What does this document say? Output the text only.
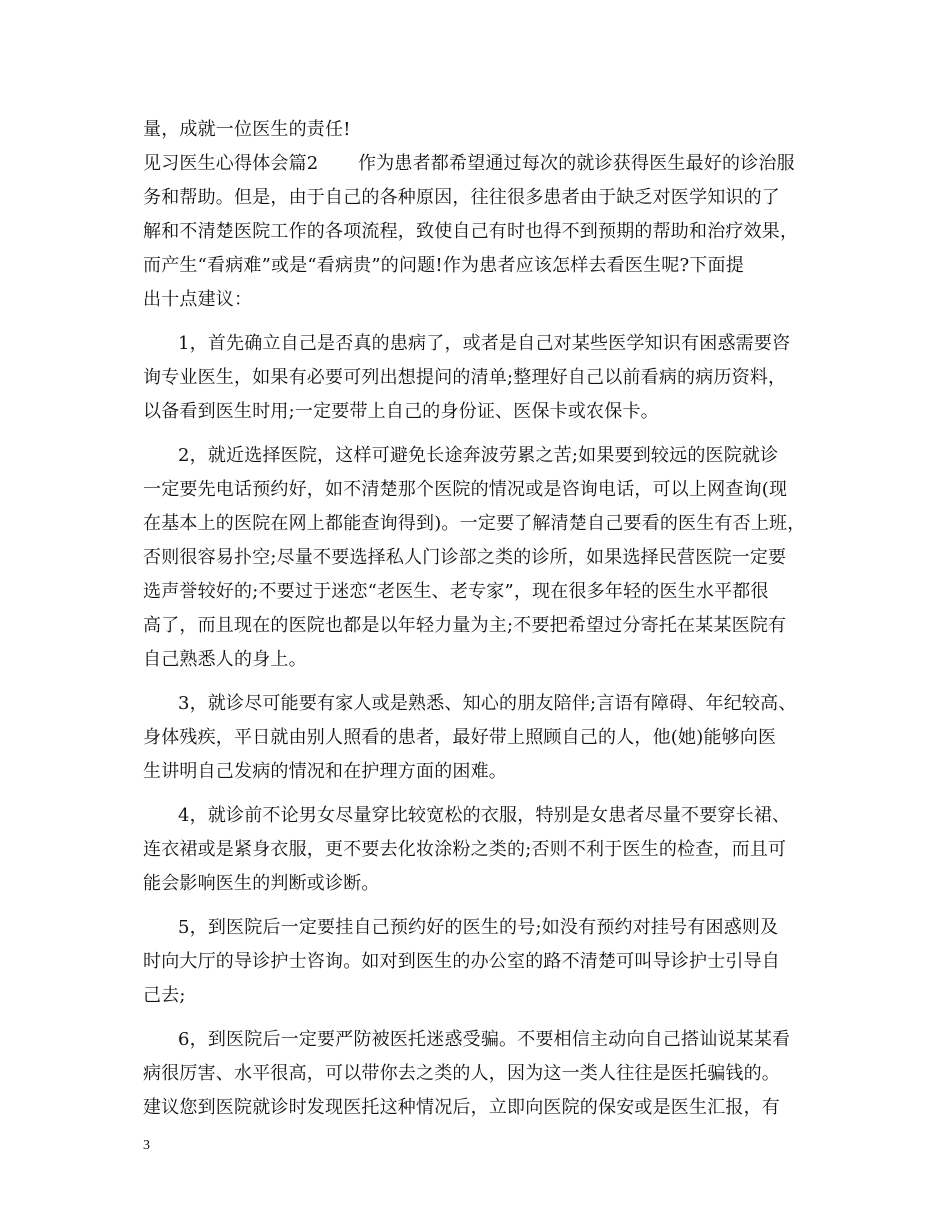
量，成就一位医生的责任!
见习医生心得体会篇2 作为患者都希望通过每次的就诊获得医生最好的诊治服
务和帮助。但是，由于自己的各种原因，往往很多患者由于缺乏对医学知识的了
解和不清楚医院工作的各项流程，致使自己有时也得不到预期的帮助和治疗效果，
而产生“看病难”或是“看病贵”的问题!作为患者应该怎样去看医生呢?下面提
出十点建议：
1，首先确立自己是否真的患病了，或者是自己对某些医学知识有困惑需要咨
询专业医生，如果有必要可列出想提问的清单;整理好自己以前看病的病历资料，
以备看到医生时用;一定要带上自己的身份证、医保卡或农保卡。
2，就近选择医院，这样可避免长途奔波劳累之苦;如果要到较远的医院就诊
一定要先电话预约好，如不清楚那个医院的情况或是咨询电话，可以上网查询(现
在基本上的医院在网上都能查询得到)。一定要了解清楚自己要看的医生有否上班，
否则很容易扑空;尽量不要选择私人门诊部之类的诊所，如果选择民营医院一定要
选声誉较好的;不要过于迷恋“老医生、老专家”，现在很多年轻的医生水平都很
高了，而且现在的医院也都是以年轻力量为主;不要把希望过分寄托在某某医院有
自己熟悉人的身上。
3，就诊尽可能要有家人或是熟悉、知心的朋友陪伴;言语有障碍、年纪较高、
身体残疾，平日就由别人照看的患者，最好带上照顾自己的人，他(她)能够向医
生讲明自己发病的情况和在护理方面的困难。
4，就诊前不论男女尽量穿比较宽松的衣服，特别是女患者尽量不要穿长裙、
连衣裙或是紧身衣服，更不要去化妆涂粉之类的;否则不利于医生的检查，而且可
能会影响医生的判断或诊断。
5，到医院后一定要挂自己预约好的医生的号;如没有预约对挂号有困惑则及
时向大厅的导诊护士咨询。如对到医生的办公室的路不清楚可叫导诊护士引导自
己去;
6，到医院后一定要严防被医托迷惑受骗。不要相信主动向自己搭讪说某某看
病很厉害、水平很高，可以带你去之类的人，因为这一类人往往是医托骗钱的。
建议您到医院就诊时发现医托这种情况后，立即向医院的保安或是医生汇报，有
3
